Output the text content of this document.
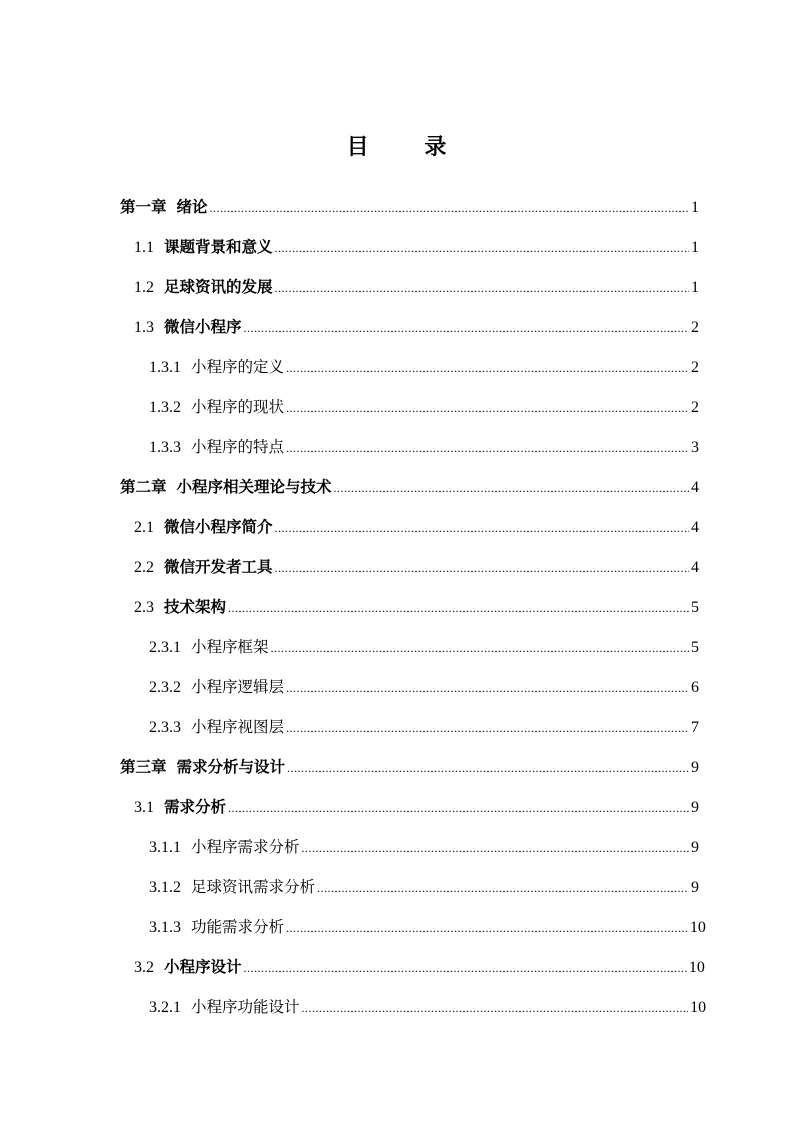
目 录
第一章 绪论 .....	1
1.1 课题背景和意义 .....	1
1.2 足球资讯的发展 .....	1
1.3 微信小程序 .....	2
1.3.1 小程序的定义 .....	2
1.3.2 小程序的现状 .....	2
1.3.3 小程序的特点 .....	3
第二章 小程序相关理论与技术 .....	4
2.1 微信小程序简介 .....	4
2.2 微信开发者工具 .....	4
2.3 技术架构 .....	5
2.3.1 小程序框架 .....	5
2.3.2 小程序逻辑层 .....	6
2.3.3 小程序视图层 .....	7
第三章 需求分析与设计 .....	9
3.1 需求分析 .....	9
3.1.1 小程序需求分析 .....	9
3.1.2 足球资讯需求分析 .....	9
3.1.3 功能需求分析 .....	10
3.2 小程序设计 .....	10
3.2.1 小程序功能设计 .....	10
